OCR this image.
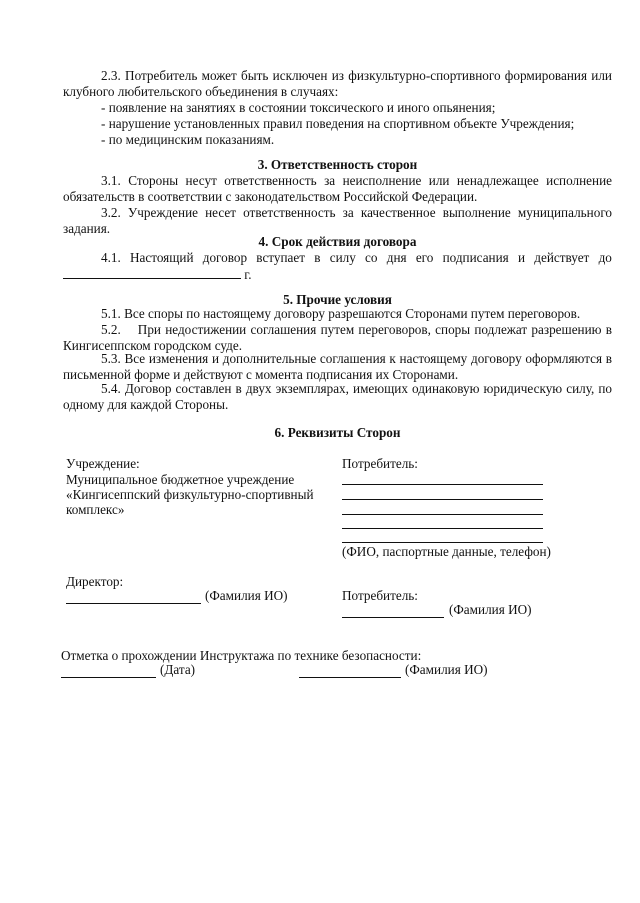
2.3. Потребитель может быть исключен из физкультурно-спортивного формирования или клубного любительского объединения в случаях:
- появление на занятиях в состоянии токсического и иного опьянения;
- нарушение установленных правил поведения на спортивном объекте Учреждения;
- по медицинским показаниям.
3. Ответственность сторон
3.1. Стороны несут ответственность за неисполнение или ненадлежащее исполнение обязательств в соответствии с законодательством Российской Федерации.
3.2. Учреждение несет ответственность за качественное выполнение муниципального задания.
4. Срок действия договора
4.1. Настоящий договор вступает в силу со дня его подписания и действует до
г.
5. Прочие условия
5.1. Все споры по настоящему договору разрешаются Сторонами путем переговоров.
5.2.    При недостижении соглашения путем переговоров, споры подлежат разрешению в Кингисеппском городском суде.
5.3. Все изменения и дополнительные соглашения к настоящему договору оформляются в письменной форме и действуют с момента подписания их Сторонами.
5.4. Договор составлен в двух экземплярах, имеющих одинаковую юридическую силу, по одному для каждой Стороны.
6. Реквизиты Сторон
Учреждение:
Муниципальное бюджетное учреждение
«Кингисеппский физкультурно-спортивный
комплекс»
Потребитель:
(ФИО, паспортные данные, телефон)
Директор:
(Фамилия ИО)	Потребитель:
(Фамилия ИО)
Отметка о прохождении Инструктажа по технике безопасности:
(Дата)	(Фамилия ИО)
